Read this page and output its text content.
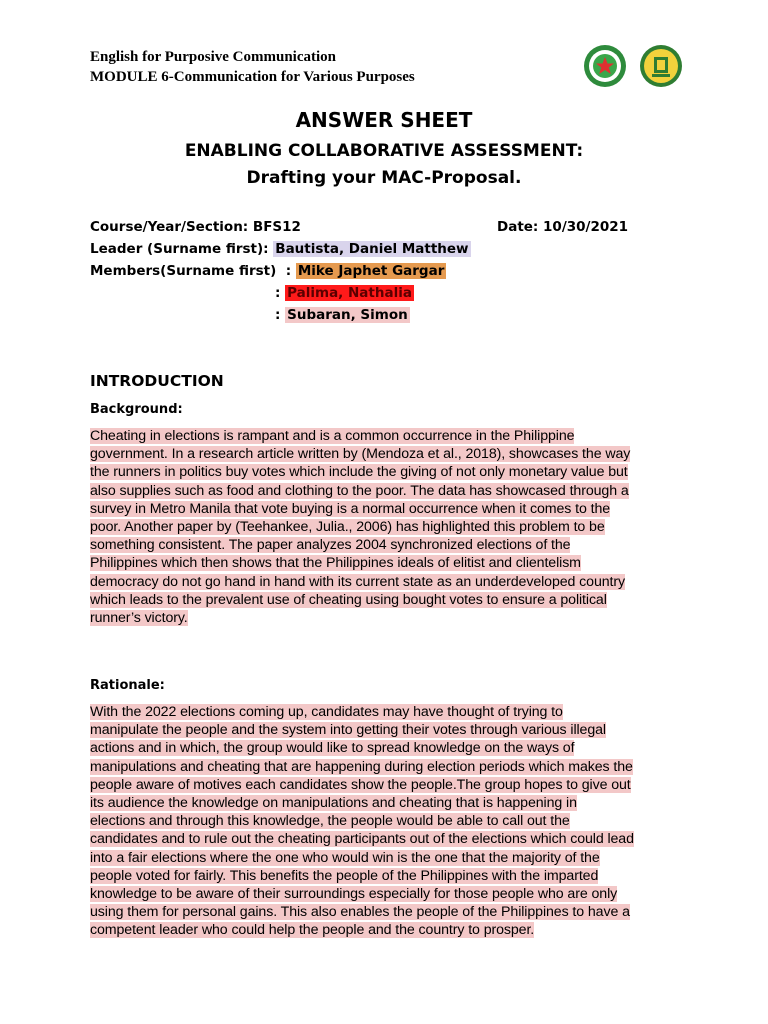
English for Purposive Communication
MODULE 6-Communication for Various Purposes
ANSWER SHEET
ENABLING COLLABORATIVE ASSESSMENT:
Drafting your MAC-Proposal.
Course/Year/Section: BFS12	Date: 10/30/2021
Leader (Surname first): Bautista, Daniel Matthew
Members(Surname first)  : Mike Japhet Gargar
: Palima, Nathalia
: Subaran, Simon
INTRODUCTION
Background:
Cheating in elections is rampant and is a common occurrence in the Philippine
government. In a research article written by (Mendoza et al., 2018), showcases the way
the runners in politics buy votes which include the giving of not only monetary value but
also supplies such as food and clothing to the poor. The data has showcased through a
survey in Metro Manila that vote buying is a normal occurrence when it comes to the
poor. Another paper by (Teehankee, Julia., 2006) has highlighted this problem to be
something consistent. The paper analyzes 2004 synchronized elections of the
Philippines which then shows that the Philippines ideals of elitist and clientelism
democracy do not go hand in hand with its current state as an underdeveloped country
which leads to the prevalent use of cheating using bought votes to ensure a political
runner’s victory.
Rationale:
With the 2022 elections coming up, candidates may have thought of trying to
manipulate the people and the system into getting their votes through various illegal
actions and in which, the group would like to spread knowledge on the ways of
manipulations and cheating that are happening during election periods which makes the
people aware of motives each candidates show the people.The group hopes to give out
its audience the knowledge on manipulations and cheating that is happening in
elections and through this knowledge, the people would be able to call out the
candidates and to rule out the cheating participants out of the elections which could lead
into a fair elections where the one who would win is the one that the majority of the
people voted for fairly. This benefits the people of the Philippines with the imparted
knowledge to be aware of their surroundings especially for those people who are only
using them for personal gains. This also enables the people of the Philippines to have a
competent leader who could help the people and the country to prosper.
